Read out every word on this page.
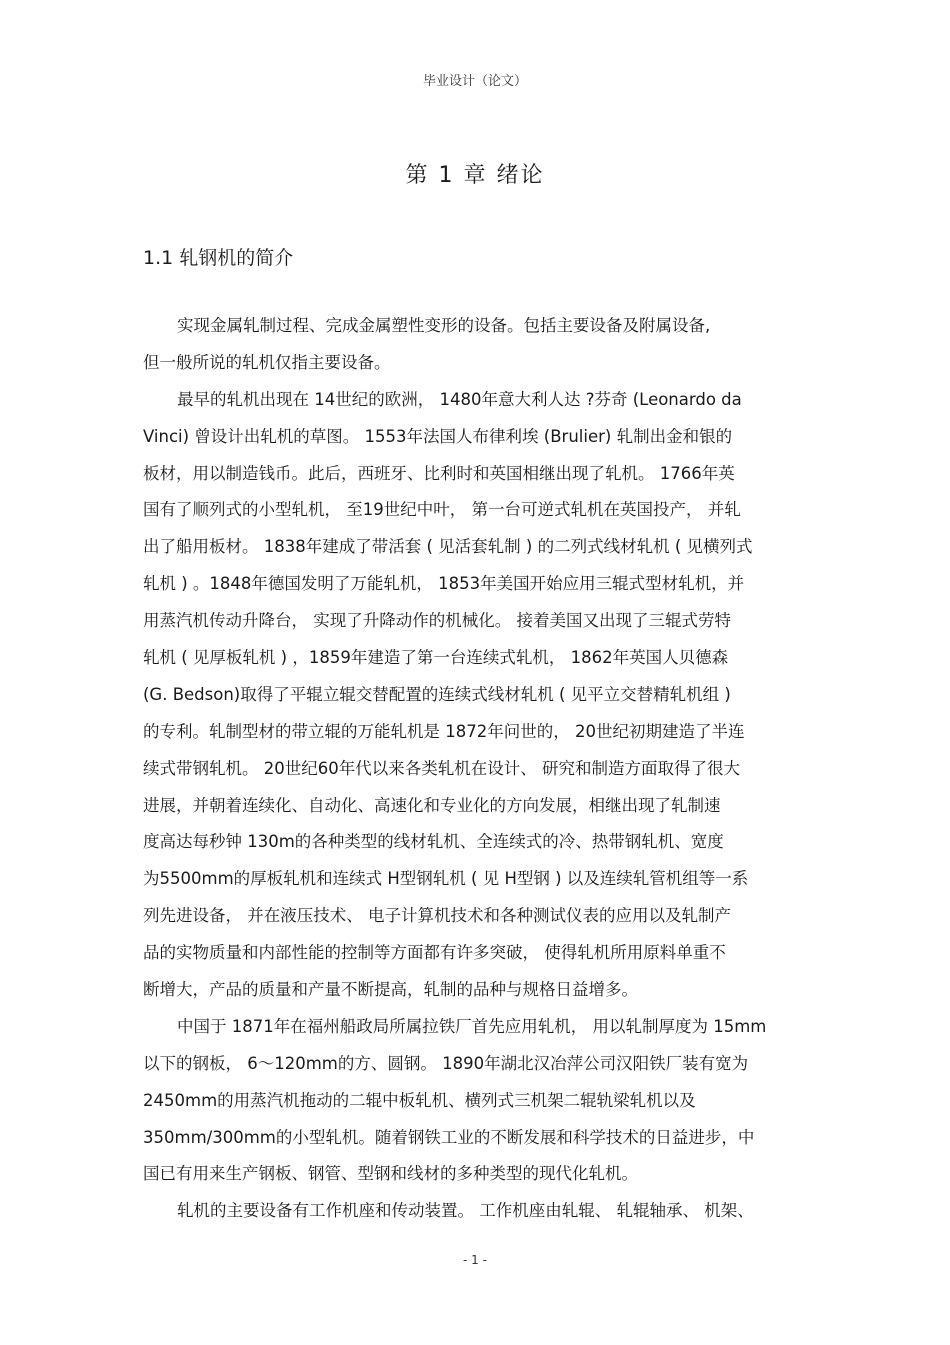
毕业设计（论文）
第 1 章 绪论
1.1 轧钢机的简介
实现金属轧制过程、完成金属塑性变形的设备。包括主要设备及附属设备,
但一般所说的轧机仅指主要设备。
最早的轧机出现在 14世纪的欧洲， 1480年意大利人达 ?芬奇 (Leonardo da
Vinci) 曾设计出轧机的草图。 1553年法国人布律利埃 (Brulier) 轧制出金和银的
板材，用以制造钱币。此后，西班牙、比利时和英国相继出现了轧机。 1766年英
国有了顺列式的小型轧机， 至19世纪中叶， 第一台可逆式轧机在英国投产， 并轧
出了船用板材。 1838年建成了带活套 ( 见活套轧制 ) 的二列式线材轧机 ( 见横列式
轧机 ) 。1848年德国发明了万能轧机， 1853年美国开始应用三辊式型材轧机，并
用蒸汽机传动升降台， 实现了升降动作的机械化。 接着美国又出现了三辊式劳特
轧机 ( 见厚板轧机 ) ，1859年建造了第一台连续式轧机， 1862年英国人贝德森
(G. Bedson)取得了平辊立辊交替配置的连续式线材轧机 ( 见平立交替精轧机组 )
的专利。轧制型材的带立辊的万能轧机是 1872年问世的， 20世纪初期建造了半连
续式带钢轧机。 20世纪60年代以来各类轧机在设计、 研究和制造方面取得了很大
进展，并朝着连续化、自动化、高速化和专业化的方向发展，相继出现了轧制速
度高达每秒钟 130m的各种类型的线材轧机、全连续式的冷、热带钢轧机、宽度
为5500mm的厚板轧机和连续式 H型钢轧机 ( 见 H型钢 ) 以及连续轧管机组等一系
列先进设备， 并在液压技术、 电子计算机技术和各种测试仪表的应用以及轧制产
品的实物质量和内部性能的控制等方面都有许多突破， 使得轧机所用原料单重不
断增大，产品的质量和产量不断提高，轧制的品种与规格日益增多。
中国于 1871年在福州船政局所属拉铁厂首先应用轧机， 用以轧制厚度为 15mm
以下的钢板， 6～120mm的方、圆钢。 1890年湖北汉冶萍公司汉阳铁厂装有宽为
2450mm的用蒸汽机拖动的二辊中板轧机、横列式三机架二辊轨梁轧机以及
350mm/300mm的小型轧机。随着钢铁工业的不断发展和科学技术的日益进步，中
国已有用来生产钢板、钢管、型钢和线材的多种类型的现代化轧机。
轧机的主要设备有工作机座和传动装置。 工作机座由轧辊、 轧辊轴承、 机架、
- 1 -
